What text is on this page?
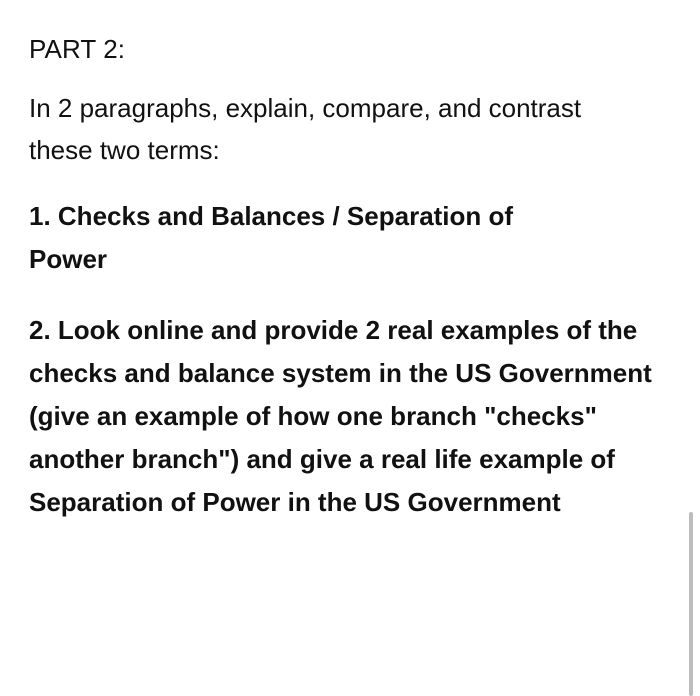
PART 2:
In 2 paragraphs, explain, compare, and contrast these two terms:
1. Checks and Balances / Separation of Power
2. Look online and provide 2 real examples of the checks and balance system in the US Government (give an example of how one branch "checks" another branch") and give a real life example of Separation of Power in the US Government
